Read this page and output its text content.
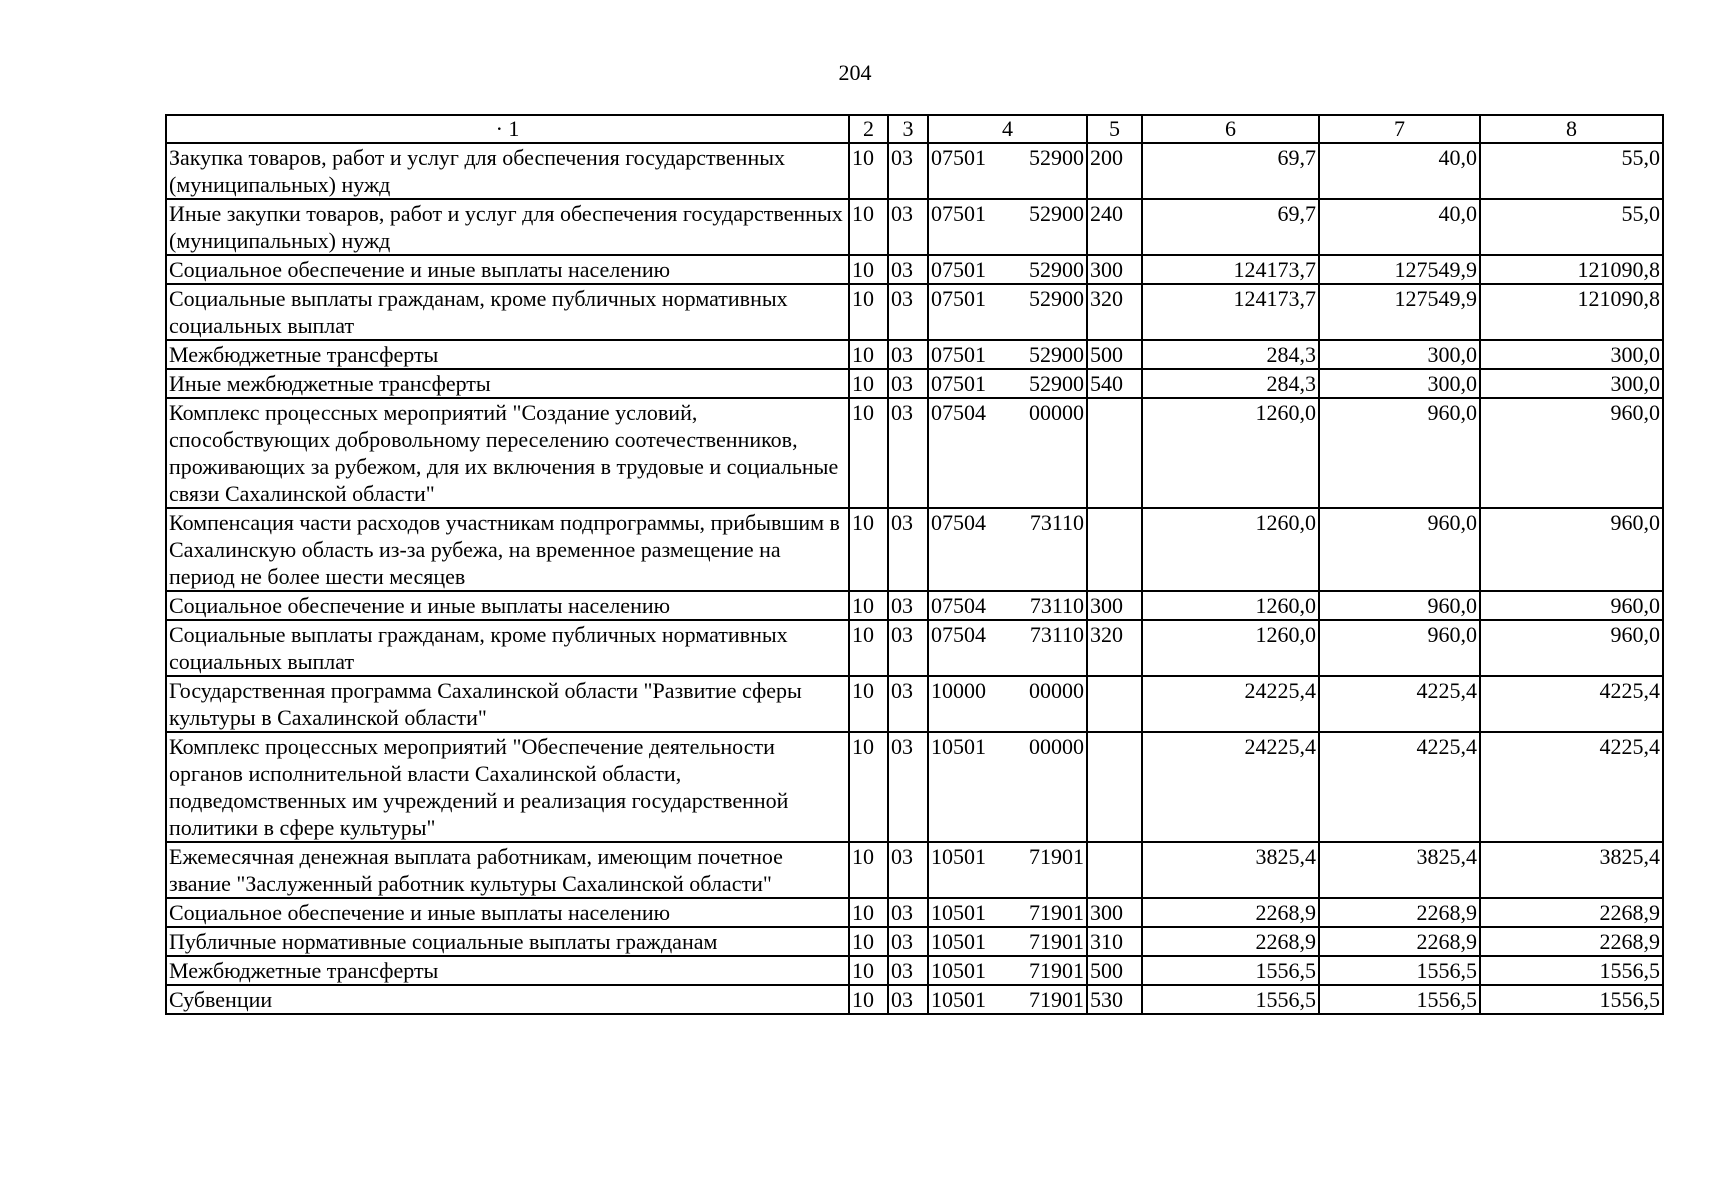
204
· 1	2	3	4	5	6	7	8
Закупка товаров, работ и услуг для обеспечения государственных (муниципальных) нужд	10	03	07501 52900	200	69,7	40,0	55,0
Иные закупки товаров, работ и услуг для обеспечения государственных (муниципальных) нужд	10	03	07501 52900	240	69,7	40,0	55,0
Социальное обеспечение и иные выплаты населению	10	03	07501 52900	300	124173,7	127549,9	121090,8
Социальные выплаты гражданам, кроме публичных нормативных социальных выплат	10	03	07501 52900	320	124173,7	127549,9	121090,8
Межбюджетные трансферты	10	03	07501 52900	500	284,3	300,0	300,0
Иные межбюджетные трансферты	10	03	07501 52900	540	284,3	300,0	300,0
Комплекс процессных мероприятий "Создание условий, способствующих добровольному переселению соотечественников, проживающих за рубежом, для их включения в трудовые и социальные связи Сахалинской области"	10	03	07504 00000		1260,0	960,0	960,0
Компенсация части расходов участникам подпрограммы, прибывшим в Сахалинскую область из-за рубежа, на временное размещение на период не более шести месяцев	10	03	07504 73110		1260,0	960,0	960,0
Социальное обеспечение и иные выплаты населению	10	03	07504 73110	300	1260,0	960,0	960,0
Социальные выплаты гражданам, кроме публичных нормативных социальных выплат	10	03	07504 73110	320	1260,0	960,0	960,0
Государственная программа Сахалинской области "Развитие сферы культуры в Сахалинской области"	10	03	10000 00000		24225,4	4225,4	4225,4
Комплекс процессных мероприятий "Обеспечение деятельности органов исполнительной власти Сахалинской области, подведомственных им учреждений и реализация государственной политики в сфере культуры"	10	03	10501 00000		24225,4	4225,4	4225,4
Ежемесячная денежная выплата работникам, имеющим почетное звание "Заслуженный работник культуры Сахалинской области"	10	03	10501 71901		3825,4	3825,4	3825,4
Социальное обеспечение и иные выплаты населению	10	03	10501 71901	300	2268,9	2268,9	2268,9
Публичные нормативные социальные выплаты гражданам	10	03	10501 71901	310	2268,9	2268,9	2268,9
Межбюджетные трансферты	10	03	10501 71901	500	1556,5	1556,5	1556,5
Субвенции	10	03	10501 71901	530	1556,5	1556,5	1556,5
